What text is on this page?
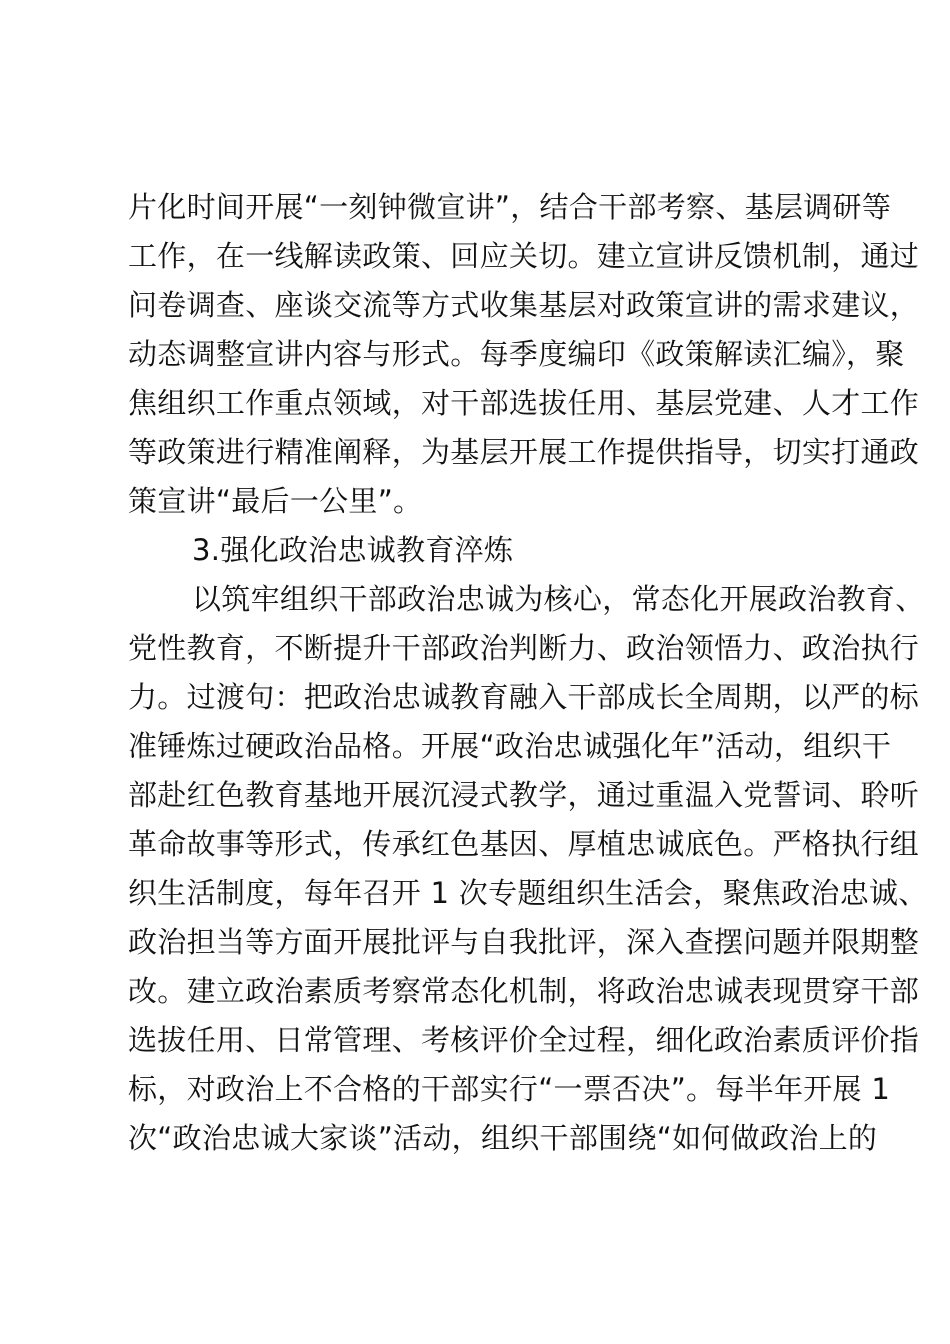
片化时间开展“一刻钟微宣讲”，结合干部考察、基层调研等
工作，在一线解读政策、回应关切。建立宣讲反馈机制，通过
问卷调查、座谈交流等方式收集基层对政策宣讲的需求建议，
动态调整宣讲内容与形式。每季度编印《政策解读汇编》，聚
焦组织工作重点领域，对干部选拔任用、基层党建、人才工作
等政策进行精准阐释，为基层开展工作提供指导，切实打通政
策宣讲“最后一公里”。
3.强化政治忠诚教育淬炼
以筑牢组织干部政治忠诚为核心，常态化开展政治教育、
党性教育，不断提升干部政治判断力、政治领悟力、政治执行
力。过渡句：把政治忠诚教育融入干部成长全周期，以严的标
准锤炼过硬政治品格。开展“政治忠诚强化年”活动，组织干
部赴红色教育基地开展沉浸式教学，通过重温入党誓词、聆听
革命故事等形式，传承红色基因、厚植忠诚底色。严格执行组
织生活制度，每年召开 1 次专题组织生活会，聚焦政治忠诚、
政治担当等方面开展批评与自我批评，深入查摆问题并限期整
改。建立政治素质考察常态化机制，将政治忠诚表现贯穿干部
选拔任用、日常管理、考核评价全过程，细化政治素质评价指
标，对政治上不合格的干部实行“一票否决”。每半年开展 1
次“政治忠诚大家谈”活动，组织干部围绕“如何做政治上的
